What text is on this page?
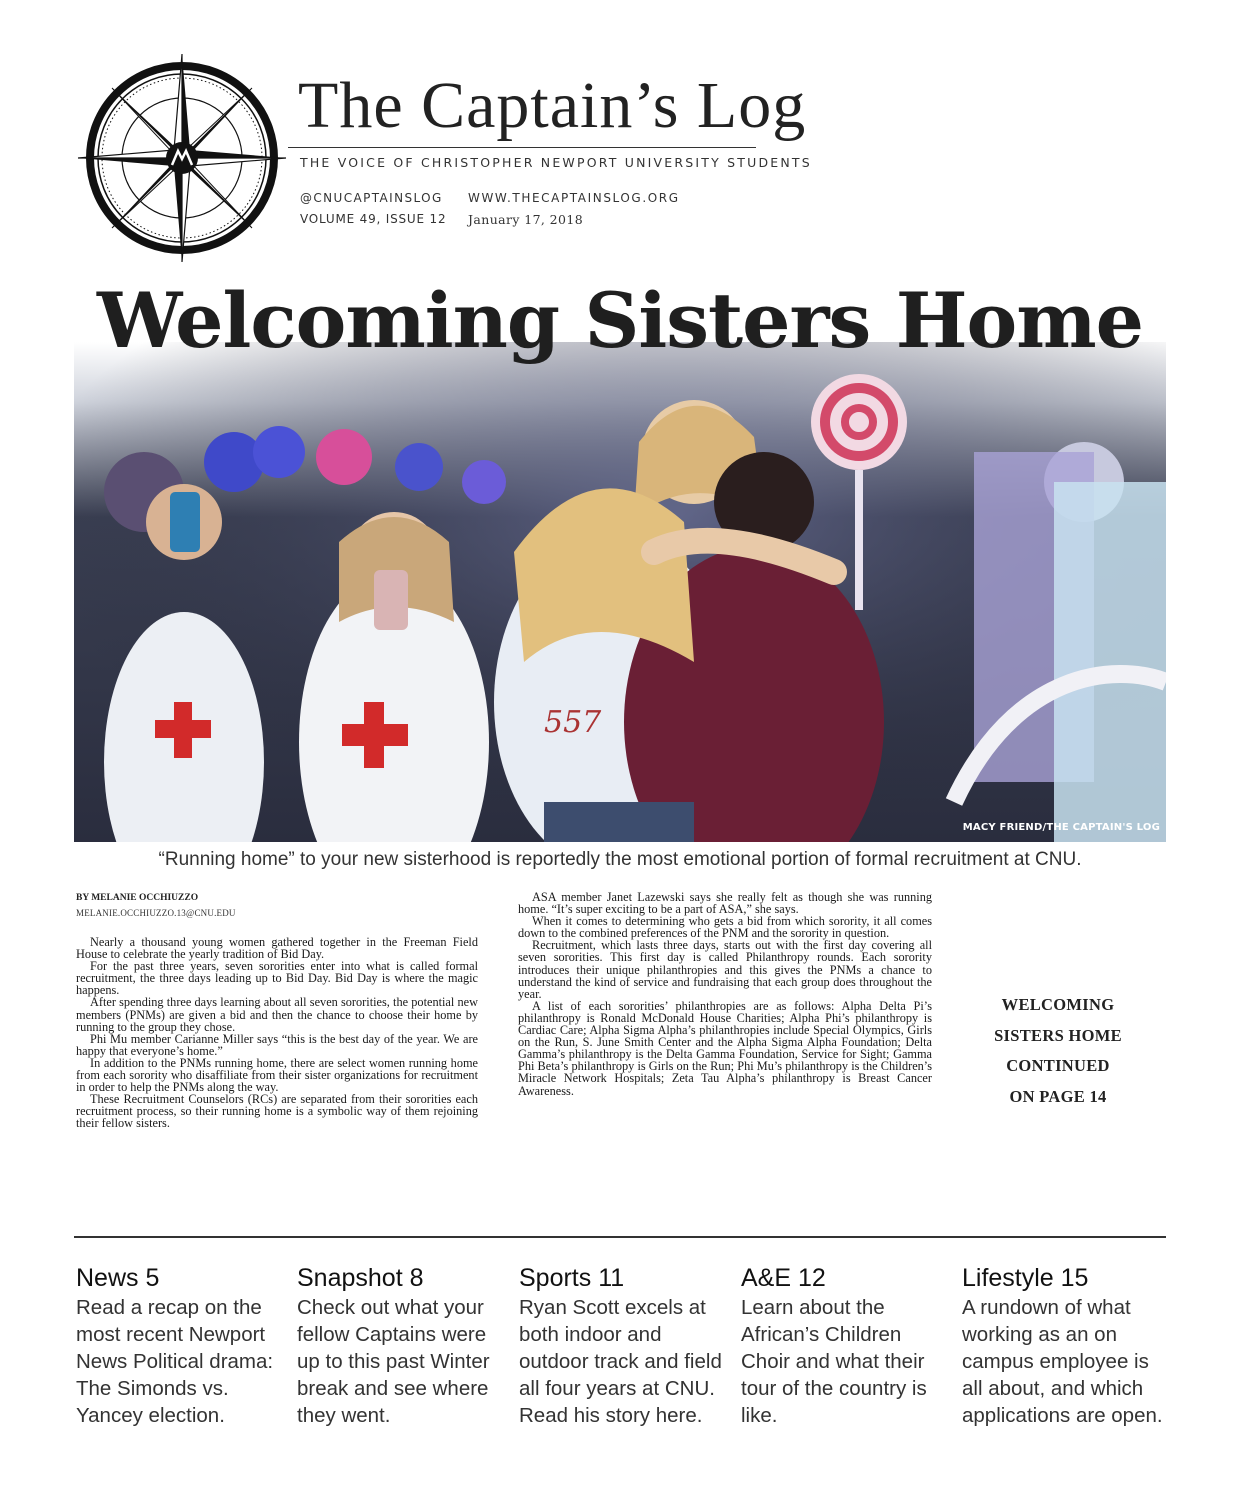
The Captain’s Log
THE VOICE OF CHRISTOPHER NEWPORT UNIVERSITY STUDENTS
@CNUCAPTAINSLOG WWW.THECAPTAINSLOG.ORG
VOLUME 49, ISSUE 12 January 17, 2018
557
Welcoming Sisters Home
MACY FRIEND/THE CAPTAIN'S LOG
“Running home” to your new sisterhood is reportedly the most emotional portion of formal recruitment at CNU.
BY MELANIE OCCHIUZZO
MELANIE.OCCHIUZZO.13@CNU.EDU

Nearly a thousand young women gathered together in the Freeman Field House to celebrate the yearly tradition of Bid Day.

For the past three years, seven sororities enter into what is called formal recruitment, the three days leading up to Bid Day. Bid Day is where the magic happens.

After spending three days learning about all seven sororities, the potential new members (PNMs) are given a bid and then the chance to choose their home by running to the group they chose.

Phi Mu member Carianne Miller says “this is the best day of the year. We are happy that everyone’s home.”

In addition to the PNMs running home, there are select women running home from each sorority who disaffiliate from their sister organizations for recruitment in order to help the PNMs along the way.

These Recruitment Counselors (RCs) are separated from their sororities each recruitment process, so their running home is a symbolic way of them rejoining their fellow sisters.

ASA member Janet Lazewski says she really felt as though she was running home. “It’s super exciting to be a part of ASA,” she says.

When it comes to determining who gets a bid from which sorority, it all comes down to the combined preferences of the PNM and the sorority in question.

Recruitment, which lasts three days, starts out with the first day covering all seven sororities. This first day is called Philanthropy rounds. Each sorority introduces their unique philanthropies and this gives the PNMs a chance to understand the kind of service and fundraising that each group does throughout the year.

A list of each sororities’ philanthropies are as follows: Alpha Delta Pi’s philanthropy is Ronald McDonald House Charities; Alpha Phi’s philanthropy is Cardiac Care; Alpha Sigma Alpha’s philanthropies include Special Olympics, Girls on the Run, S. June Smith Center and the Alpha Sigma Alpha Foundation; Delta Gamma’s philanthropy is the Delta Gamma Foundation, Service for Sight; Gamma Phi Beta’s philanthropy is Girls on the Run; Phi Mu’s philanthropy is the Children’s Miracle Network Hospitals; Zeta Tau Alpha’s philanthropy is Breast Cancer Awareness.

WELCOMING
SISTERS HOME
CONTINUED
ON PAGE 14
News 5

Read a recap on the most recent Newport News Political drama: The Simonds vs. Yancey election.

Snapshot 8

Check out what your fellow Captains were up to this past Winter break and see where they went.

Sports 11

Ryan Scott excels at both indoor and outdoor track and field all four years at CNU. Read his story here.

A&E 12

Learn about the African’s Children Choir and what their tour of the country is like.

Lifestyle 15

A rundown of what working as an on campus employee is all about, and which applications are open.
